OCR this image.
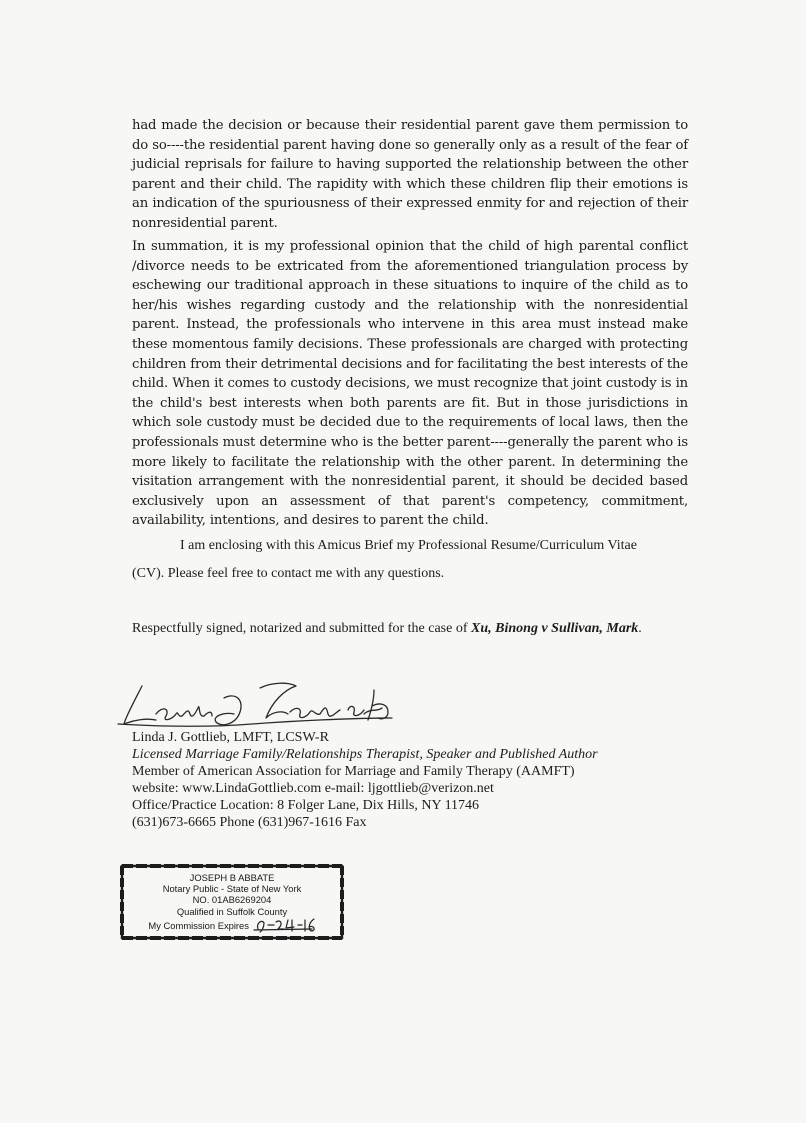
had made the decision or because their residential parent gave them permission to do so----the residential parent having done so generally only as a result of the fear of judicial reprisals for failure to having supported the relationship between the other parent and their child. The rapidity with which these children flip their emotions is an indication of the spuriousness of their expressed enmity for and rejection of their nonresidential parent.

In summation, it is my professional opinion that the child of high parental conflict /divorce needs to be extricated from the aforementioned triangulation process by eschewing our traditional approach in these situations to inquire of the child as to her/his wishes regarding custody and the relationship with the nonresidential parent. Instead, the professionals who intervene in this area must instead make these momentous family decisions. These professionals are charged with protecting children from their detrimental decisions and for facilitating the best interests of the child. When it comes to custody decisions, we must recognize that joint custody is in the child's best interests when both parents are fit. But in those jurisdictions in which sole custody must be decided due to the requirements of local laws, then the professionals must determine who is the better parent----generally the parent who is more likely to facilitate the relationship with the other parent. In determining the visitation arrangement with the nonresidential parent, it should be decided based exclusively upon an assessment of that parent's competency, commitment, availability, intentions, and desires to parent the child.

I am enclosing with this Amicus Brief my Professional Resume/Curriculum Vitae

(CV). Please feel free to contact me with any questions.

Respectfully signed, notarized and submitted for the case of Xu, Binong v Sullivan, Mark.

Linda J. Gottlieb, LMFT, LCSW-R
Licensed Marriage Family/Relationships Therapist, Speaker and Published Author
Member of American Association for Marriage and Family Therapy (AAMFT)
website: www.LindaGottlieb.com e-mail: ljgottlieb@verizon.net
Office/Practice Location: 8 Folger Lane, Dix Hills, NY 11746
(631)673-6665 Phone (631)967-1616 Fax
JOSEPH B ABBATE
Notary Public - State of New York
NO. 01AB6269204
Qualified in Suffolk County
My Commission Expires
